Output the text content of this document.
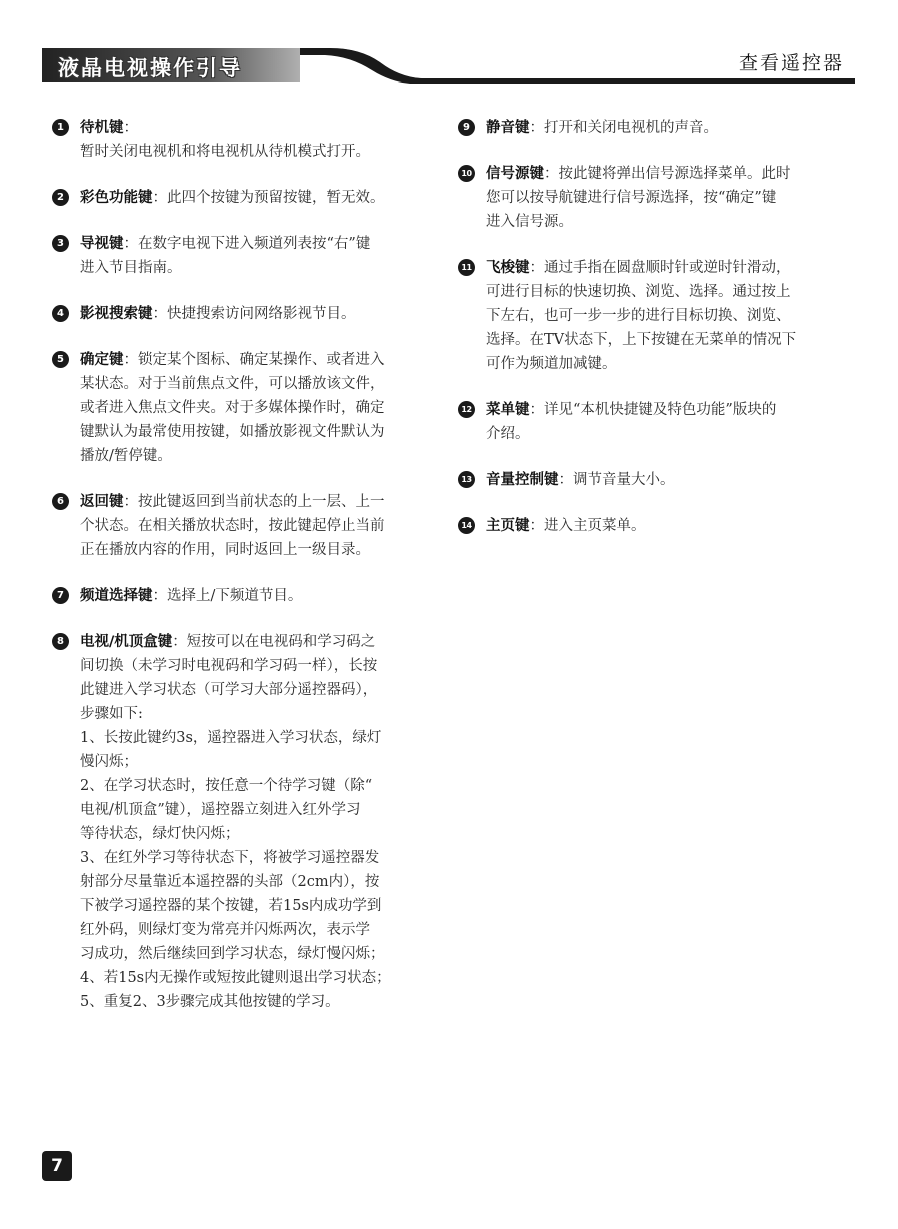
液晶电视操作引导	查看遥控器
1	待机键：
暂时关闭电视机和将电视机从待机模式打开。
2	彩色功能键：此四个按键为预留按键，暂无效。
3	导视键：在数字电视下进入频道列表按“右”键
进入节目指南。
4	影视搜索键：快捷搜索访问网络影视节目。
5	确定键：锁定某个图标、确定某操作、或者进入
某状态。对于当前焦点文件，可以播放该文件，
或者进入焦点文件夹。对于多媒体操作时，确定
键默认为最常使用按键，如播放影视文件默认为
播放/暂停键。
6	返回键：按此键返回到当前状态的上一层、上一
个状态。在相关播放状态时，按此键起停止当前
正在播放内容的作用，同时返回上一级目录。
7	频道选择键：选择上/下频道节目。
8	电视/机顶盒键：短按可以在电视码和学习码之
间切换（未学习时电视码和学习码一样），长按
此键进入学习状态（可学习大部分遥控器码），
步骤如下:
1、长按此键约3s，遥控器进入学习状态，绿灯
慢闪烁；
2、在学习状态时，按任意一个待学习键（除“
电视/机顶盒”键），遥控器立刻进入红外学习
等待状态，绿灯快闪烁；
3、在红外学习等待状态下，将被学习遥控器发
射部分尽量靠近本遥控器的头部（2cm内），按
下被学习遥控器的某个按键，若15s内成功学到
红外码，则绿灯变为常亮并闪烁两次，表示学
习成功，然后继续回到学习状态，绿灯慢闪烁；
4、若15s内无操作或短按此键则退出学习状态；
5、重复2、3步骤完成其他按键的学习。
9	静音键：打开和关闭电视机的声音。
10 信号源键：按此键将弹出信号源选择菜单。此时
您可以按导航键进行信号源选择，按“确定”键
进入信号源。
11 飞梭键：通过手指在圆盘顺时针或逆时针滑动，
可进行目标的快速切换、浏览、选择。通过按上
下左右，也可一步一步的进行目标切换、浏览、
选择。在TV状态下，上下按键在无菜单的情况下
可作为频道加减键。
12 菜单键：详见“本机快捷键及特色功能”版块的
介绍。
13 音量控制键：调节音量大小。
14 主页键：进入主页菜单。
7
